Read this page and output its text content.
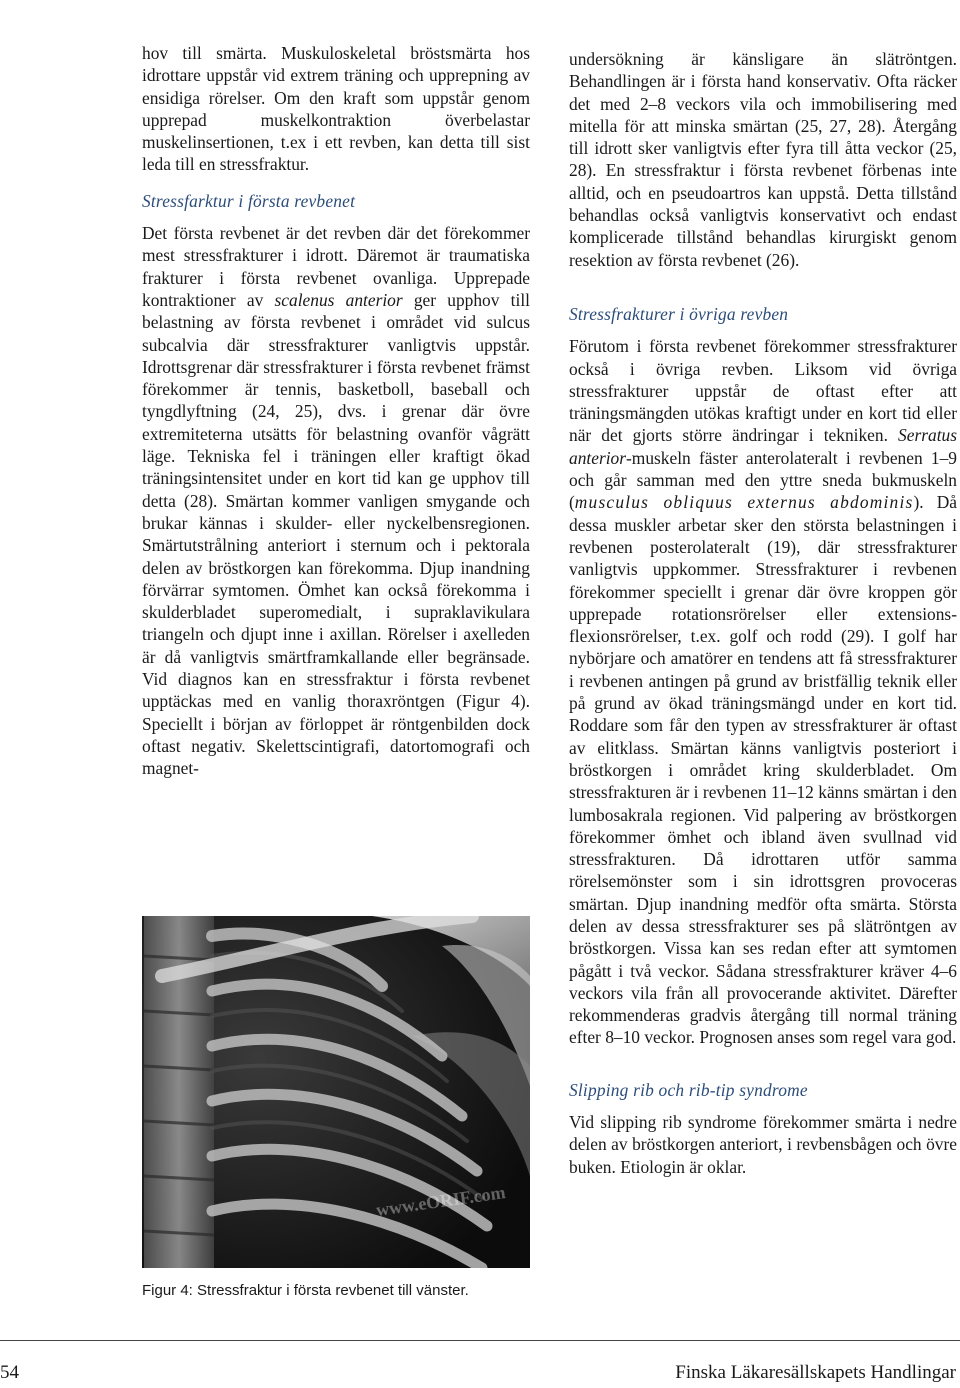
hov till smärta. Muskuloskeletal bröstsmärta hos idrottare uppstår vid extrem träning och upprepning av ensidiga rörelser. Om den kraft som uppstår genom upprepad muskelkontraktion överbelastar muskelinsertionen, t.ex i ett revben, kan detta till sist leda till en stressfraktur.

Stressfarktur i första revbenet

Det första revbenet är det revben där det förekommer mest stressfrakturer i idrott. Däremot är traumatiska frakturer i första revbenet ovanliga. Upprepade kontraktioner av scalenus anterior ger upphov till belastning av första revbenet i området vid sulcus subcalvia där stressfrakturer vanligtvis uppstår. Idrottsgrenar där stressfrakturer i första revbenet främst förekommer är tennis, basketboll, baseball och tyngdlyftning (24, 25), dvs. i grenar där övre extremiteterna utsätts för belastning ovanför vågrätt läge. Tekniska fel i träningen eller kraftigt ökad träningsintensitet under en kort tid kan ge upphov till detta (28). Smärtan kommer vanligen smygande och brukar kännas i skulder- eller nyckelbensregionen. Smärtutstrålning anteriort i sternum och i pektorala delen av bröstkorgen kan förekomma. Djup inandning förvärrar symtomen. Ömhet kan också förekomma i skulderbladet superomedialt, i supraklavikulara triangeln och djupt inne i axillan. Rörelser i axelleden är då vanligtvis smärtframkallande eller begränsade. Vid diagnos kan en stressfraktur i första revbenet upptäckas med en vanlig thoraxröntgen (Figur 4). Speciellt i början av förloppet är röntgenbilden dock oftast negativ. Skelettscintigrafi, datortomografi och magnet-

www.eORIF.com
Figur 4: Stressfraktur i första revbenet till vänster.

undersökning är känsligare än slätröntgen. Behandlingen är i första hand konservativ. Ofta räcker det med 2–8 veckors vila och immobilisering med mitella för att minska smärtan (25, 27, 28). Återgång till idrott sker vanligtvis efter fyra till åtta veckor (25, 28). En stressfraktur i första revbenet förbenas inte alltid, och en pseudoartros kan uppstå. Detta tillstånd behandlas också vanligtvis konservativt och endast komplicerade tillstånd behandlas kirurgiskt genom resektion av första revbenet (26).

Stressfrakturer i övriga revben

Förutom i första revbenet förekommer stressfrakturer också i övriga revben. Liksom vid övriga stressfrakturer uppstår de oftast efter att träningsmängden utökas kraftigt under en kort tid eller när det gjorts större ändringar i tekniken. Serratus anterior-muskeln fäster anterolateralt i revbenen 1–9 och går samman med den yttre sneda bukmuskeln (musculus obliquus externus abdominis). Då dessa muskler arbetar sker den största belastningen i revbenen posterolateralt (19), där stressfrakturer vanligtvis uppkommer. Stressfrakturer i revbenen förekommer speciellt i grenar där övre kroppen gör upprepade rotationsrörelser eller extensions-flexionsrörelser, t.ex. golf och rodd (29). I golf har nybörjare och amatörer en tendens att få stressfrakturer i revbenen antingen på grund av bristfällig teknik eller på grund av ökad träningsmängd under en kort tid. Roddare som får den typen av stressfrakturer är oftast av elitklass. Smärtan känns vanligtvis posteriort i bröstkorgen i området kring skulderbladet. Om stressfrakturen är i revbenen 11–12 känns smärtan i den lumbosakrala regionen. Vid palpering av bröstkorgen förekommer ömhet och ibland även svullnad vid stressfrakturen. Då idrottaren utför samma rörelsemönster som i sin idrottsgren provoceras smärtan. Djup inandning medför ofta smärta. Största delen av dessa stressfrakturer ses på slätröntgen av bröstkorgen. Vissa kan ses redan efter att symtomen pågått i två veckor. Sådana stressfrakturer kräver 4–6 veckors vila från all provocerande aktivitet. Därefter rekommenderas gradvis återgång till normal träning efter 8–10 veckor. Prognosen anses som regel vara god.

Slipping rib och rib-tip syndrome

Vid slipping rib syndrome förekommer smärta i nedre delen av bröstkorgen anteriort, i revbensbågen och övre buken. Etiologin är oklar.

54	Finska Läkaresällskapets Handlingar
